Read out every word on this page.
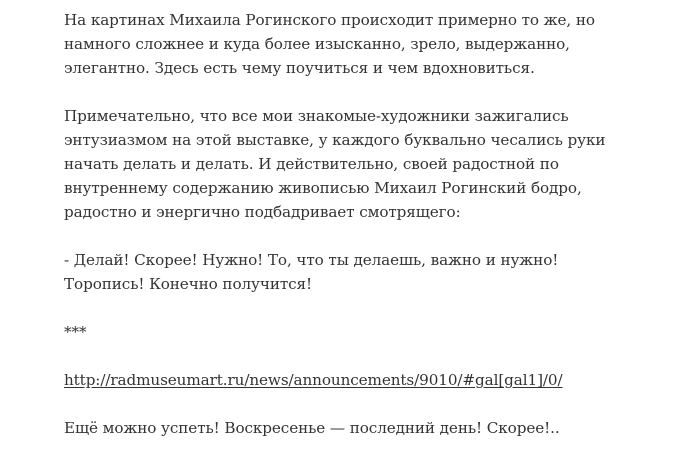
На картинах Михаила Рогинского происходит примерно то же, но намного сложнее и куда более изысканно, зрело, выдержанно, элегантно. Здесь есть чему поучиться и чем вдохновиться.

Примечательно, что все мои знакомые-художники зажигались энтузиазмом на этой выставке, у каждого буквально чесались руки начать делать и делать. И действительно, своей радостной по внутреннему содержанию живописью Михаил Рогинский бодро, радостно и энергично подбадривает смотрящего:

- Делай! Скорее! Нужно! То, что ты делаешь, важно и нужно! Торопись! Конечно получится!

***

http://radmuseumart.ru/news/announcements/9010/#gal[gal1]/0/

Ещё можно успеть! Воскресенье — последний день! Скорее!..
